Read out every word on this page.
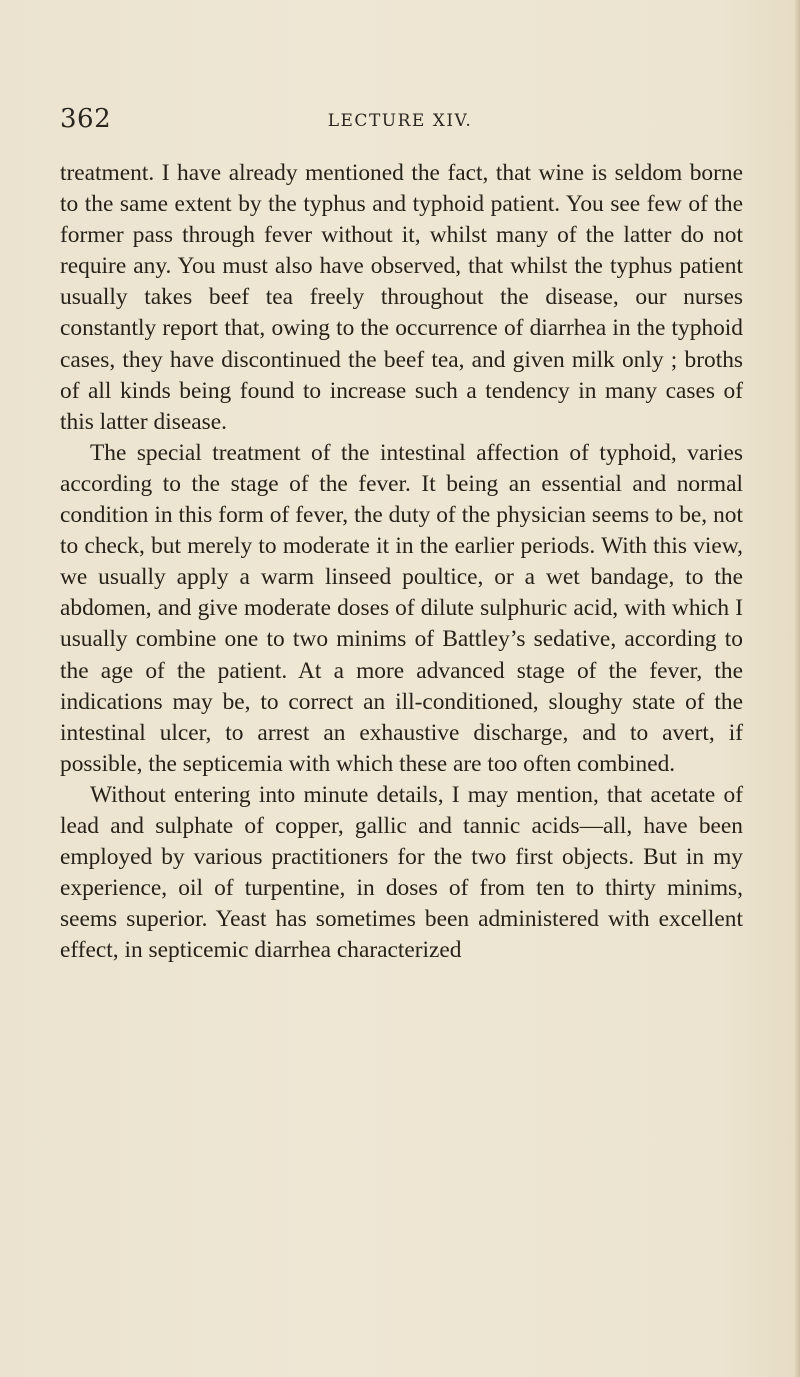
362	LECTURE XIV.

treatment. I have already mentioned the fact, that wine is seldom borne to the same extent by the typhus and typhoid patient. You see few of the former pass through fever without it, whilst many of the latter do not require any. You must also have observed, that whilst the typhus patient usually takes beef tea freely throughout the disease, our nurses constantly report that, owing to the occurrence of diarrhea in the typhoid cases, they have discontinued the beef tea, and given milk only ; broths of all kinds being found to increase such a tendency in many cases of this latter disease.

The special treatment of the intestinal affection of typhoid, varies according to the stage of the fever. It being an essential and normal condition in this form of fever, the duty of the physician seems to be, not to check, but merely to moderate it in the earlier periods. With this view, we usually apply a warm linseed poultice, or a wet bandage, to the abdomen, and give moderate doses of dilute sulphuric acid, with which I usually combine one to two minims of Battley’s sedative, according to the age of the patient. At a more advanced stage of the fever, the indications may be, to correct an ill-conditioned, sloughy state of the intestinal ulcer, to arrest an exhaustive discharge, and to avert, if possible, the septicemia with which these are too often combined.

Without entering into minute details, I may mention, that acetate of lead and sulphate of copper, gallic and tannic acids—all, have been employed by various practitioners for the two first objects. But in my experience, oil of turpentine, in doses of from ten to thirty minims, seems superior. Yeast has sometimes been administered with excellent effect, in septicemic diarrhea characterized
